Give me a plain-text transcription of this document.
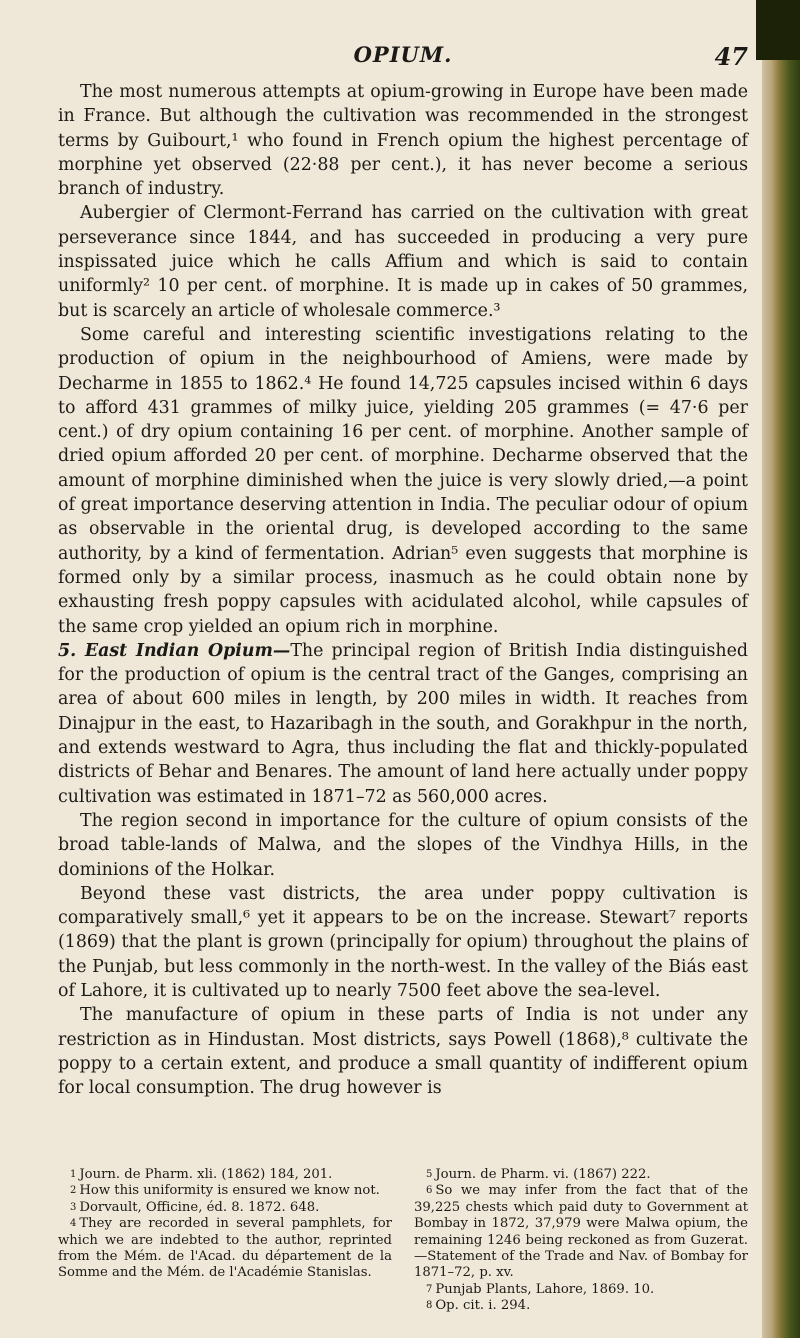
OPIUM.	47

The most numerous attempts at opium-growing in Europe have been made in France. But although the cultivation was recommended in the strongest terms by Guibourt,¹ who found in French opium the highest percentage of morphine yet observed (22·88 per cent.), it has never become a serious branch of industry.

Aubergier of Clermont-Ferrand has carried on the cultivation with great perseverance since 1844, and has succeeded in producing a very pure inspissated juice which he calls Affium and which is said to contain uniformly² 10 per cent. of morphine. It is made up in cakes of 50 grammes, but is scarcely an article of wholesale commerce.³

Some careful and interesting scientific investigations relating to the production of opium in the neighbourhood of Amiens, were made by Decharme in 1855 to 1862.⁴ He found 14,725 capsules incised within 6 days to afford 431 grammes of milky juice, yielding 205 grammes (= 47·6 per cent.) of dry opium containing 16 per cent. of morphine. Another sample of dried opium afforded 20 per cent. of morphine. Decharme observed that the amount of morphine diminished when the juice is very slowly dried,—a point of great importance deserving attention in India. The peculiar odour of opium as observable in the oriental drug, is developed according to the same authority, by a kind of fermentation. Adrian⁵ even suggests that morphine is formed only by a similar process, inasmuch as he could obtain none by exhausting fresh poppy capsules with acidulated alcohol, while capsules of the same crop yielded an opium rich in morphine.

5. East Indian Opium—The principal region of British India distinguished for the production of opium is the central tract of the Ganges, comprising an area of about 600 miles in length, by 200 miles in width. It reaches from Dinajpur in the east, to Hazaribagh in the south, and Gorakhpur in the north, and extends westward to Agra, thus including the flat and thickly-populated districts of Behar and Benares. The amount of land here actually under poppy cultivation was estimated in 1871–72 as 560,000 acres.

The region second in importance for the culture of opium consists of the broad table-lands of Malwa, and the slopes of the Vindhya Hills, in the dominions of the Holkar.

Beyond these vast districts, the area under poppy cultivation is comparatively small,⁶ yet it appears to be on the increase. Stewart⁷ reports (1869) that the plant is grown (principally for opium) throughout the plains of the Punjab, but less commonly in the north-west. In the valley of the Biás east of Lahore, it is cultivated up to nearly 7500 feet above the sea-level.

The manufacture of opium in these parts of India is not under any restriction as in Hindustan. Most districts, says Powell (1868),⁸ cultivate the poppy to a certain extent, and produce a small quantity of indifferent opium for local consumption. The drug however is

$^1$ Journ. de Pharm. xli. (1862) 184, 201.

$^2$ How this uniformity is ensured we know not.

$^3$ Dorvault, Officine, éd. 8. 1872. 648.

$^4$ They are recorded in several pamphlets, for which we are indebted to the author, reprinted from the Mém. de l'Acad. du département de la Somme and the Mém. de l'Académie Stanislas.

$^5$ Journ. de Pharm. vi. (1867) 222.

$^6$ So we may infer from the fact that of the 39,225 chests which paid duty to Government at Bombay in 1872, 37,979 were Malwa opium, the remaining 1246 being reckoned as from Guzerat.—Statement of the Trade and Nav. of Bombay for 1871–72, p. xv.

$^7$ Punjab Plants, Lahore, 1869. 10.

$^8$ Op. cit. i. 294.
